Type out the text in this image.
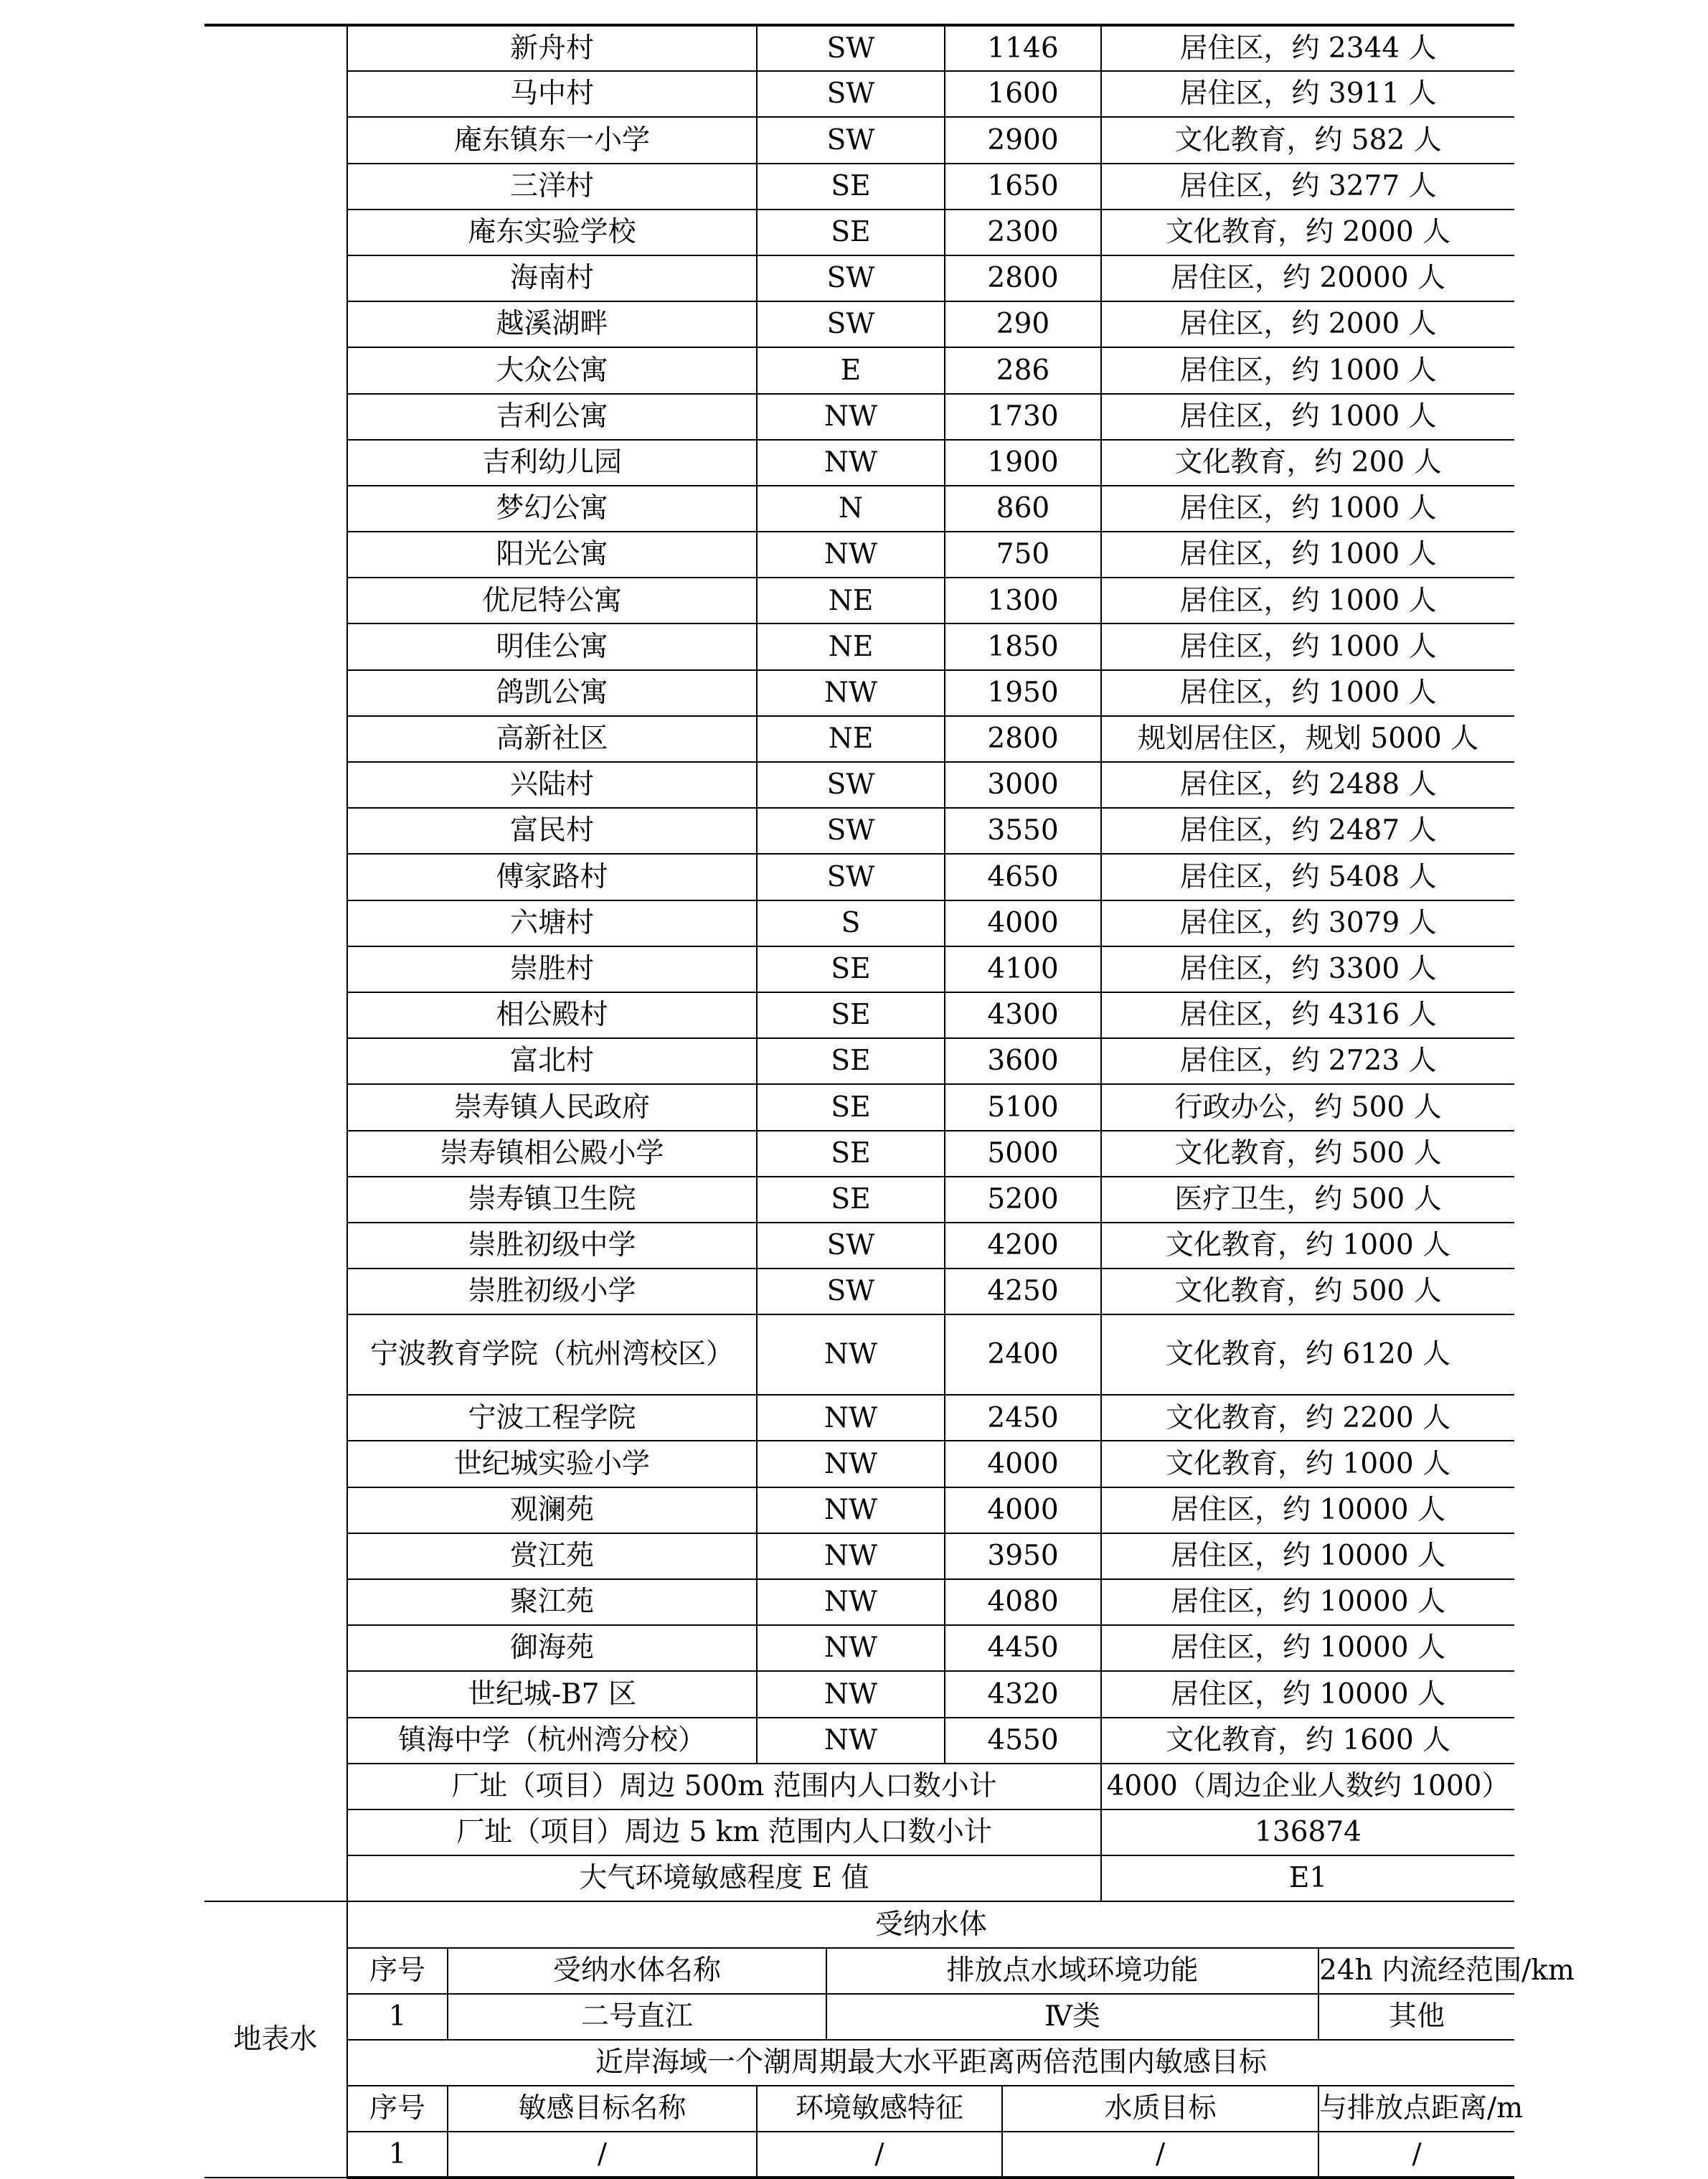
	新舟村		SW		1146		居住区，约 2344 人	
	马中村		SW		1600		居住区，约 3911 人	
	庵东镇东一小学		SW		2900		文化教育，约 582 人	
	三洋村		SE		1650		居住区，约 3277 人	
	庵东实验学校		SE		2300		文化教育，约 2000 人	
	海南村		SW		2800		居住区，约 20000 人	
	越溪湖畔		SW		290		居住区，约 2000 人	
	大众公寓		E		286		居住区，约 1000 人	
	吉利公寓		NW		1730		居住区，约 1000 人	
	吉利幼儿园		NW		1900		文化教育，约 200 人	
	梦幻公寓		N		860		居住区，约 1000 人	
	阳光公寓		NW		750		居住区，约 1000 人	
	优尼特公寓		NE		1300		居住区，约 1000 人	
	明佳公寓		NE		1850		居住区，约 1000 人	
	鸽凯公寓		NW		1950		居住区，约 1000 人	
	高新社区		NE		2800		规划居住区，规划 5000 人	
	兴陆村		SW		3000		居住区，约 2488 人	
	富民村		SW		3550		居住区，约 2487 人	
	傅家路村		SW		4650		居住区，约 5408 人	
	六塘村		S		4000		居住区，约 3079 人	
	崇胜村		SE		4100		居住区，约 3300 人	
	相公殿村		SE		4300		居住区，约 4316 人	
	富北村		SE		3600		居住区，约 2723 人	
	崇寿镇人民政府		SE		5100		行政办公，约 500 人	
	崇寿镇相公殿小学		SE		5000		文化教育，约 500 人	
	崇寿镇卫生院		SE		5200		医疗卫生，约 500 人	
	崇胜初级中学		SW		4200		文化教育，约 1000 人	
	崇胜初级小学		SW		4250		文化教育，约 500 人	
	宁波教育学院（杭州湾校区）		NW		2400		文化教育，约 6120 人	
	宁波工程学院		NW		2450		文化教育，约 2200 人	
	世纪城实验小学		NW		4000		文化教育，约 1000 人	
	观澜苑		NW		4000		居住区，约 10000 人	
	赏江苑		NW		3950		居住区，约 10000 人	
	聚江苑		NW		4080		居住区，约 10000 人	
	御海苑		NW		4450		居住区，约 10000 人	
	世纪城-B7 区		NW		4320		居住区，约 10000 人	
	镇海中学（杭州湾分校）		NW		4550		文化教育，约 1600 人	
	厂址（项目）周边 500m 范围内人口数小计						4000（周边企业人数约 1000）	
	厂址（项目）周边 5 km 范围内人口数小计						136874	
	大气环境敏感程度 E 值						E1	
地表水	受纳水体							
	序号	受纳水体名称		排放点水域环境功能				24h 内流经范围/km
	1	二号直江		Ⅳ类				其他
	近岸海域一个潮周期最大水平距离两倍范围内敏感目标							
	序号	敏感目标名称	环境敏感特征			水质目标		与排放点距离/m
	1	/	/			/		/
